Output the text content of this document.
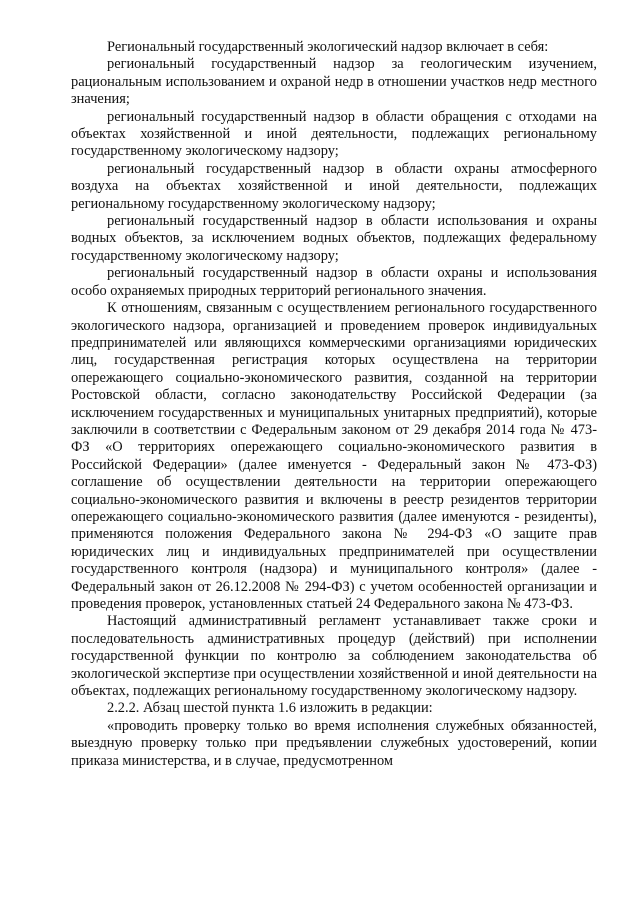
Региональный государственный экологический надзор включает в себя:

региональный государственный надзор за геологическим изучением, рациональным использованием и охраной недр в отношении участков недр местного значения;

региональный государственный надзор в области обращения с отходами на объектах хозяйственной и иной деятельности, подлежащих региональному государственному экологическому надзору;

региональный государственный надзор в области охраны атмосферного воздуха на объектах хозяйственной и иной деятельности, подлежащих региональному государственному экологическому надзору;

региональный государственный надзор в области использования и охраны водных объектов, за исключением водных объектов, подлежащих федеральному государственному экологическому надзору;

региональный государственный надзор в области охраны и использования особо охраняемых природных территорий регионального значения.

К отношениям, связанным с осуществлением регионального государственного экологического надзора, организацией и проведением проверок индивидуальных предпринимателей или являющихся коммерческими организациями юридических лиц, государственная регистрация которых осуществлена на территории опережающего социально-экономического развития, созданной на территории Ростовской области, согласно законодательству Российской Федерации (за исключением государственных и муниципальных унитарных предприятий), которые заключили в соответствии с Федеральным законом от 29 декабря 2014 года № 473-ФЗ «О территориях опережающего социально-экономического развития в Российской Федерации» (далее именуется - Федеральный закон № 473-ФЗ) соглашение об осуществлении деятельности на территории опережающего социально-экономического развития и включены в реестр резидентов территории опережающего социально-экономического развития (далее именуются - резиденты), применяются положения Федерального закона № 294-ФЗ «О защите прав юридических лиц и индивидуальных предпринимателей при осуществлении государственного контроля (надзора) и муниципального контроля» (далее - Федеральный закон от 26.12.2008 № 294-ФЗ) с учетом особенностей организации и проведения проверок, установленных статьей 24 Федерального закона № 473-ФЗ.

Настоящий административный регламент устанавливает также сроки и последовательность административных процедур (действий) при исполнении государственной функции по контролю за соблюдением законодательства об экологической экспертизе при осуществлении хозяйственной и иной деятельности на объектах, подлежащих региональному государственному экологическому надзору.

2.2.2. Абзац шестой пункта 1.6 изложить в редакции:

«проводить проверку только во время исполнения служебных обязанностей, выездную проверку только при предъявлении служебных удостоверений, копии приказа министерства, и в случае, предусмотренном
